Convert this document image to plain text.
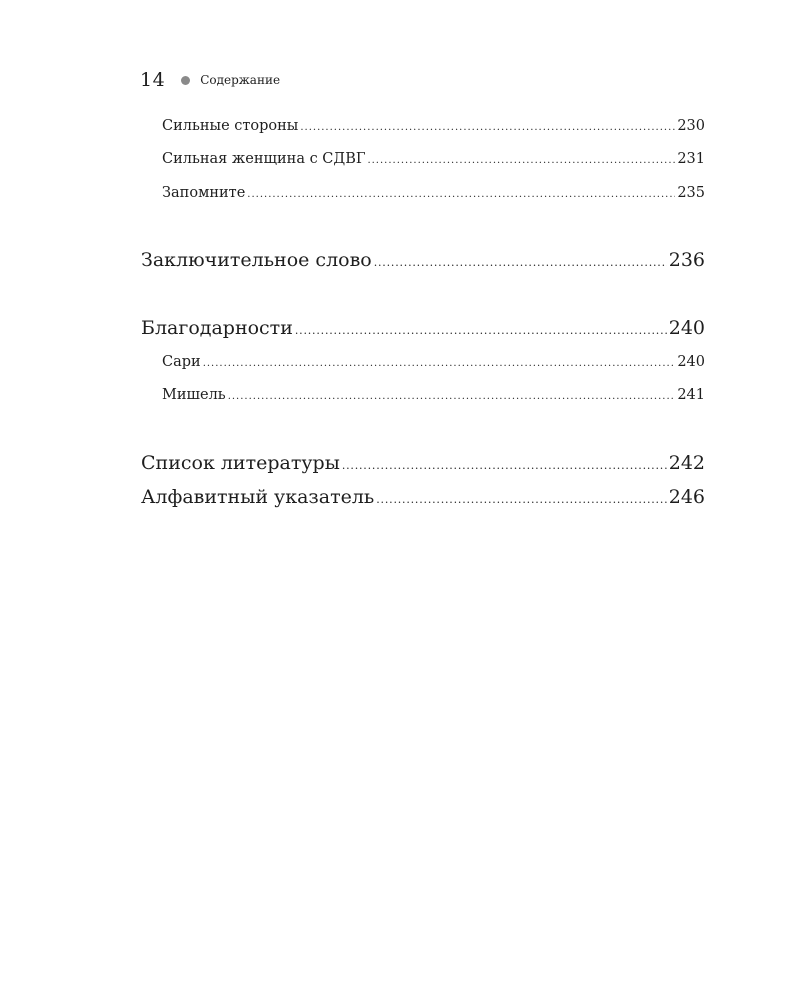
14	Содержание
Сильные стороны .....	230
Сильная женщина с СДВГ .....	231
Запомните .....	235
Заключительное слово .....	236
Благодарности .....	240
Сари .....	240
Мишель .....	241
Список литературы .....	242
Алфавитный указатель .....	246
